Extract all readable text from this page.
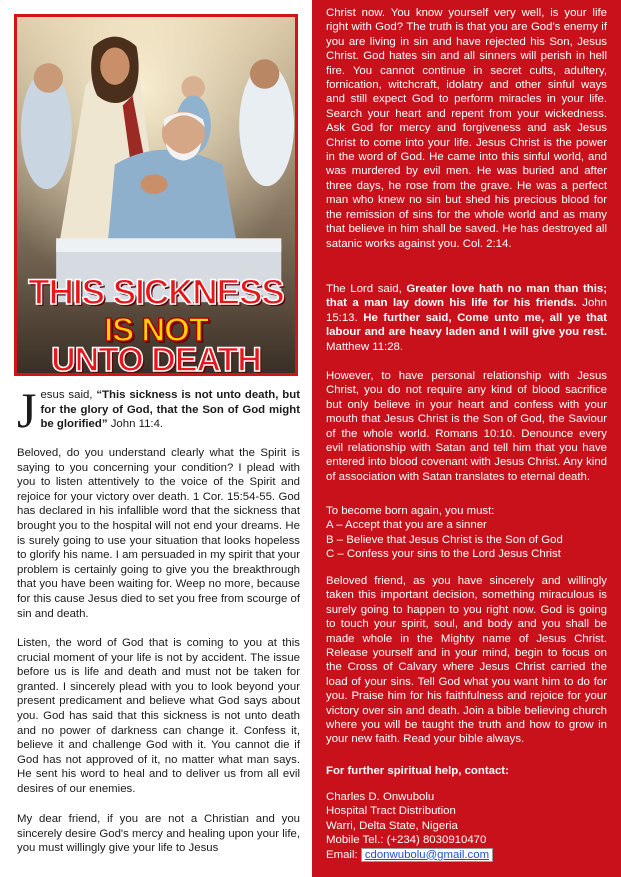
THIS SICKNESS
IS NOT
UNTO DEATH
Jesus said, “This sickness is not unto death, but for the glory of God, that the Son of God might be glorified” John 11:4.
Beloved, do you understand clearly what the Spirit is saying to you concerning your condition? I plead with you to listen attentively to the voice of the Spirit and rejoice for your victory over death. 1 Cor. 15:54-55. God has declared in his infallible word that the sickness that brought you to the hospital will not end your dreams. He is surely going to use your situation that looks hopeless to glorify his name. I am persuaded in my spirit that your problem is certainly going to give you the breakthrough that you have been waiting for. Weep no more, because for this cause Jesus died to set you free from scourge of sin and death.
Listen, the word of God that is coming to you at this crucial moment of your life is not by accident. The issue before us is life and death and must not be taken for granted. I sincerely plead with you to look beyond your present predicament and believe what God says about you. God has said that this sickness is not unto death and no power of darkness can change it. Confess it, believe it and challenge God with it. You cannot die if God has not approved of it, no matter what man says. He sent his word to heal and to deliver us from all evil desires of our enemies.
My dear friend, if you are not a Christian and you sincerely desire God's mercy and healing upon your life, you must willingly give your life to Jesus
Christ now. You know yourself very well, is your life right with God? The truth is that you are God's enemy if you are living in sin and have rejected his Son, Jesus Christ. God hates sin and all sinners will perish in hell fire. You cannot continue in secret cults, adultery, fornication, witchcraft, idolatry and other sinful ways and still expect God to perform miracles in your life. Search your heart and repent from your wickedness. Ask God for mercy and forgiveness and ask Jesus Christ to come into your life. Jesus Christ is the power in the word of God. He came into this sinful world, and was murdered by evil men. He was buried and after three days, he rose from the grave. He was a perfect man who knew no sin but shed his precious blood for the remission of sins for the whole world and as many that believe in him shall be saved. He has destroyed all satanic works against you. Col. 2:14.
The Lord said, Greater love hath no man than this; that a man lay down his life for his friends. John 15:13. He further said, Come unto me, all ye that labour and are heavy laden and I will give you rest. Matthew 11:28.
However, to have personal relationship with Jesus Christ, you do not require any kind of blood sacrifice but only believe in your heart and confess with your mouth that Jesus Christ is the Son of God, the Saviour of the whole world. Romans 10:10. Denounce every evil relationship with Satan and tell him that you have entered into blood covenant with Jesus Christ. Any kind of association with Satan translates to eternal death.
To become born again, you must:
A – Accept that you are a sinner
B – Believe that Jesus Christ is the Son of God
C – Confess your sins to the Lord Jesus Christ
Beloved friend, as you have sincerely and willingly taken this important decision, something miraculous is surely going to happen to you right now. God is going to touch your spirit, soul, and body and you shall be made whole in the Mighty name of Jesus Christ. Release yourself and in your mind, begin to focus on the Cross of Calvary where Jesus Christ carried the load of your sins. Tell God what you want him to do for you. Praise him for his faithfulness and rejoice for your victory over sin and death. Join a bible believing church where you will be taught the truth and how to grow in your new faith. Read your bible always.
For further spiritual help, contact:
Charles D. Onwubolu
Hospital Tract Distribution
Warri, Delta State, Nigeria
Mobile Tel.: (+234) 8030910470
Email: cdonwubolu@gmail.com
